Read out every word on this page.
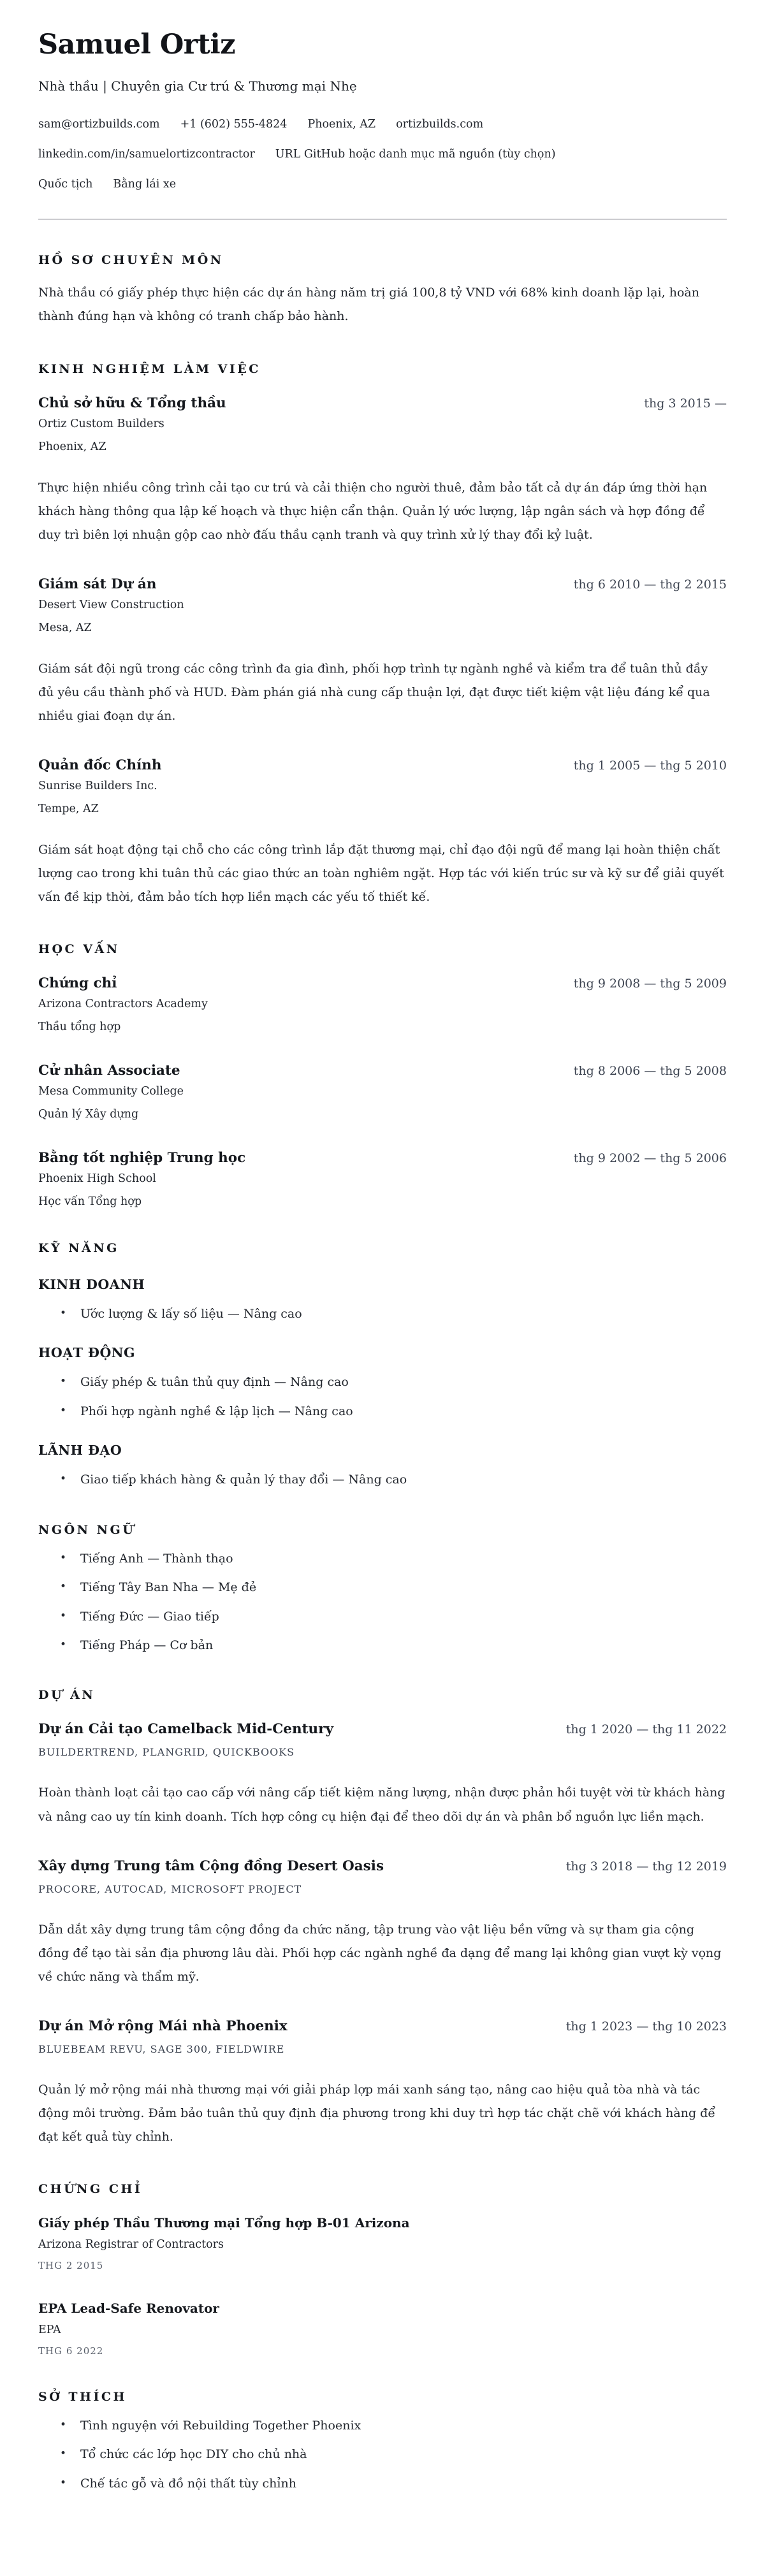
Samuel Ortiz
Nhà thầu | Chuyên gia Cư trú & Thương mại Nhẹ
sam@ortizbuilds.com +1 (602) 555-4824 Phoenix, AZ ortizbuilds.com
linkedin.com/in/samuelortizcontractor URL GitHub hoặc danh mục mã nguồn (tùy chọn)
Quốc tịch Bằng lái xe
HỒ SƠ CHUYÊN MÔN

Nhà thầu có giấy phép thực hiện các dự án hàng năm trị giá 100,8 tỷ VND với 68% kinh doanh lặp lại, hoàn thành đúng hạn và không có tranh chấp bảo hành.

KINH NGHIỆM LÀM VIỆC
Chủ sở hữu & Tổng thầu	thg 3 2015 —
Ortiz Custom Builders
Phoenix, AZ

Thực hiện nhiều công trình cải tạo cư trú và cải thiện cho người thuê, đảm bảo tất cả dự án đáp ứng thời hạn khách hàng thông qua lập kế hoạch và thực hiện cẩn thận. Quản lý ước lượng, lập ngân sách và hợp đồng để duy trì biên lợi nhuận gộp cao nhờ đấu thầu cạnh tranh và quy trình xử lý thay đổi kỷ luật.

Giám sát Dự án	thg 6 2010 — thg 2 2015
Desert View Construction
Mesa, AZ

Giám sát đội ngũ trong các công trình đa gia đình, phối hợp trình tự ngành nghề và kiểm tra để tuân thủ đầy đủ yêu cầu thành phố và HUD. Đàm phán giá nhà cung cấp thuận lợi, đạt được tiết kiệm vật liệu đáng kể qua nhiều giai đoạn dự án.

Quản đốc Chính	thg 1 2005 — thg 5 2010
Sunrise Builders Inc.
Tempe, AZ

Giám sát hoạt động tại chỗ cho các công trình lắp đặt thương mại, chỉ đạo đội ngũ để mang lại hoàn thiện chất lượng cao trong khi tuân thủ các giao thức an toàn nghiêm ngặt. Hợp tác với kiến trúc sư và kỹ sư để giải quyết vấn đề kịp thời, đảm bảo tích hợp liền mạch các yếu tố thiết kế.

HỌC VẤN
Chứng chỉ	thg 9 2008 — thg 5 2009
Arizona Contractors Academy
Thầu tổng hợp
Cử nhân Associate	thg 8 2006 — thg 5 2008
Mesa Community College
Quản lý Xây dựng
Bằng tốt nghiệp Trung học	thg 9 2002 — thg 5 2006
Phoenix High School
Học vấn Tổng hợp
KỸ NĂNG
KINH DOANH
• Ước lượng & lấy số liệu — Nâng cao
HOẠT ĐỘNG
• Giấy phép & tuân thủ quy định — Nâng cao
• Phối hợp ngành nghề & lập lịch — Nâng cao
LÃNH ĐẠO
• Giao tiếp khách hàng & quản lý thay đổi — Nâng cao
NGÔN NGỮ
• Tiếng Anh — Thành thạo
• Tiếng Tây Ban Nha — Mẹ đẻ
• Tiếng Đức — Giao tiếp
• Tiếng Pháp — Cơ bản
DỰ ÁN
Dự án Cải tạo Camelback Mid-Century	thg 1 2020 — thg 11 2022
BUILDERTREND, PLANGRID, QUICKBOOKS

Hoàn thành loạt cải tạo cao cấp với nâng cấp tiết kiệm năng lượng, nhận được phản hồi tuyệt vời từ khách hàng và nâng cao uy tín kinh doanh. Tích hợp công cụ hiện đại để theo dõi dự án và phân bổ nguồn lực liền mạch.

Xây dựng Trung tâm Cộng đồng Desert Oasis	thg 3 2018 — thg 12 2019
PROCORE, AUTOCAD, MICROSOFT PROJECT

Dẫn dắt xây dựng trung tâm cộng đồng đa chức năng, tập trung vào vật liệu bền vững và sự tham gia cộng đồng để tạo tài sản địa phương lâu dài. Phối hợp các ngành nghề đa dạng để mang lại không gian vượt kỳ vọng về chức năng và thẩm mỹ.

Dự án Mở rộng Mái nhà Phoenix	thg 1 2023 — thg 10 2023
BLUEBEAM REVU, SAGE 300, FIELDWIRE

Quản lý mở rộng mái nhà thương mại với giải pháp lợp mái xanh sáng tạo, nâng cao hiệu quả tòa nhà và tác động môi trường. Đảm bảo tuân thủ quy định địa phương trong khi duy trì hợp tác chặt chẽ với khách hàng để đạt kết quả tùy chỉnh.

CHỨNG CHỈ
Giấy phép Thầu Thương mại Tổng hợp B-01 Arizona
Arizona Registrar of Contractors
THG 2 2015
EPA Lead-Safe Renovator
EPA
THG 6 2022
SỞ THÍCH
• Tình nguyện với Rebuilding Together Phoenix
• Tổ chức các lớp học DIY cho chủ nhà
• Chế tác gỗ và đồ nội thất tùy chỉnh
